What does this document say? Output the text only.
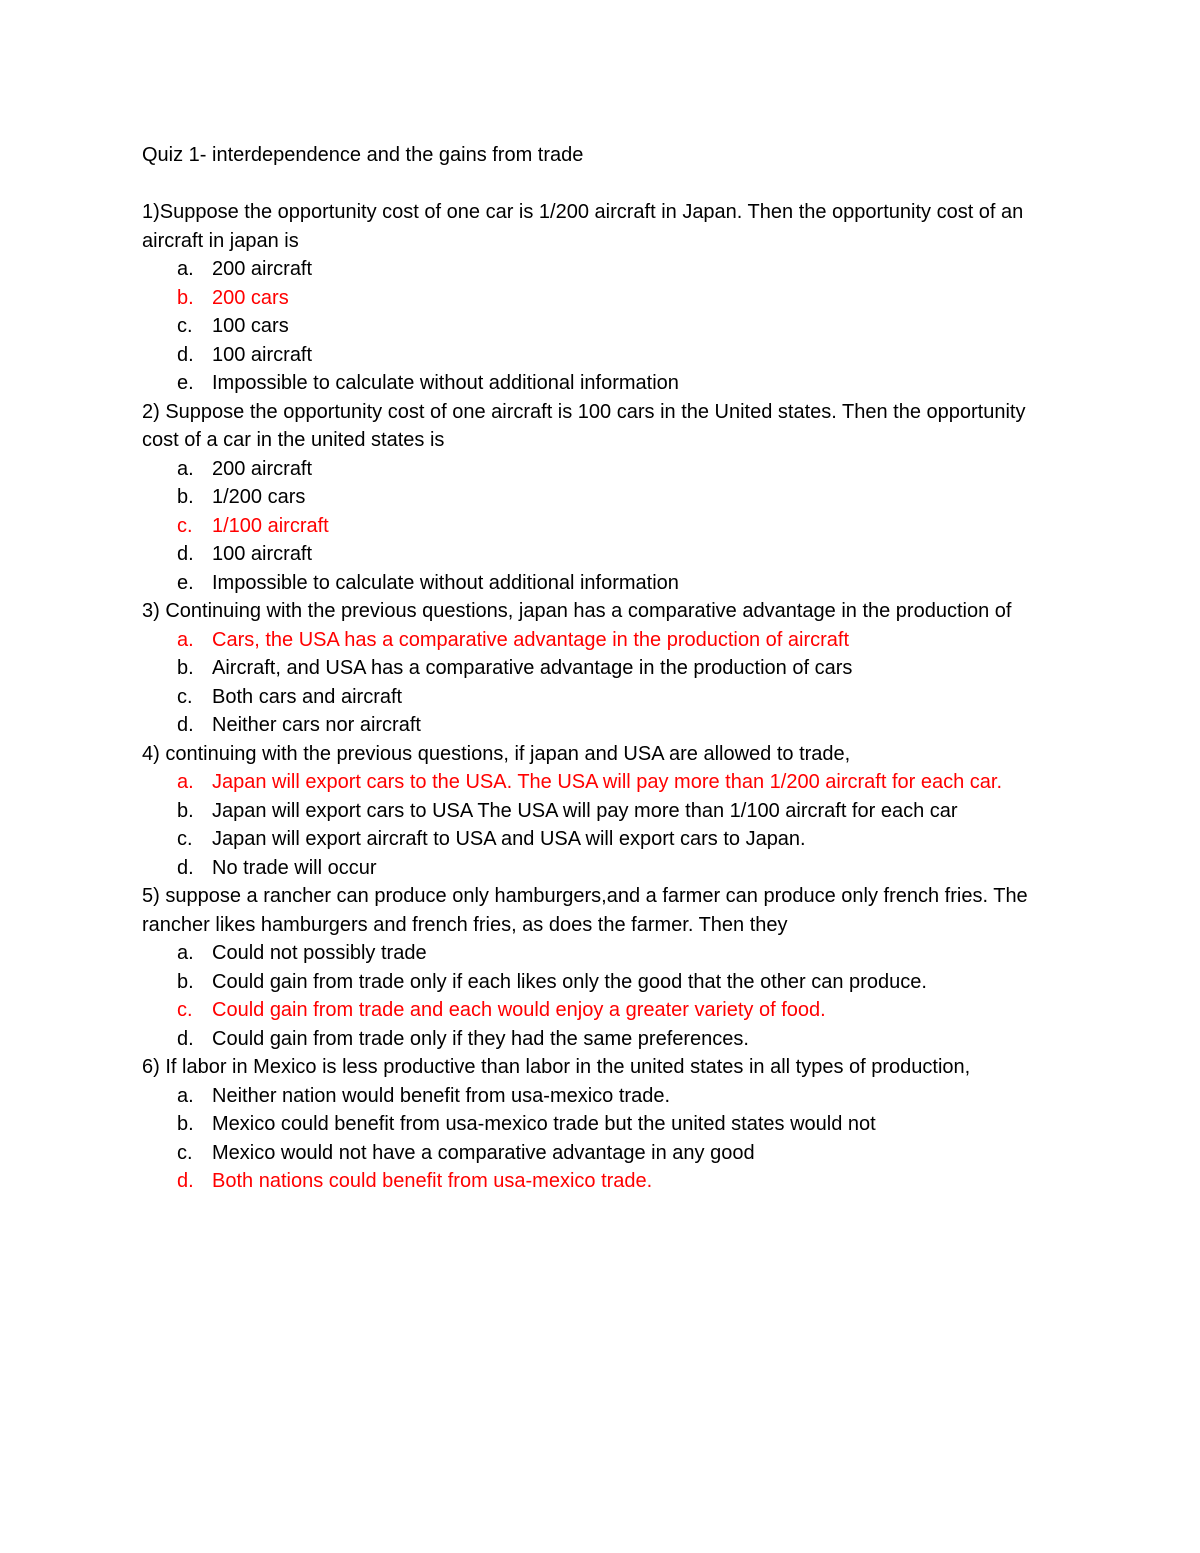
Quiz 1- interdependence and the gains from trade

1)Suppose the opportunity cost of one car is 1/200 aircraft in Japan. Then the opportunity cost of an aircraft in japan is

a. 200 aircraft
b. 200 cars
c. 100 cars
d. 100 aircraft
e. Impossible to calculate without additional information

2) Suppose the opportunity cost of one aircraft is 100 cars in the United states. Then the opportunity cost of a car in the united states is

a. 200 aircraft
b. 1/200 cars
c. 1/100 aircraft
d. 100 aircraft
e. Impossible to calculate without additional information

3) Continuing with the previous questions, japan has a comparative advantage in the production of

a. Cars, the USA has a comparative advantage in the production of aircraft
b. Aircraft, and USA has a comparative advantage in the production of cars
c. Both cars and aircraft
d. Neither cars nor aircraft

4) continuing with the previous questions, if japan and USA are allowed to trade,

a. Japan will export cars to the USA. The USA will pay more than 1/200 aircraft for each car.
b. Japan will export cars to USA The USA will pay more than 1/100 aircraft for each car
c. Japan will export aircraft to USA and USA will export cars to Japan.
d. No trade will occur

5) suppose a rancher can produce only hamburgers,and a farmer can produce only french fries. The rancher likes hamburgers and french fries, as does the farmer. Then they

a. Could not possibly trade
b. Could gain from trade only if each likes only the good that the other can produce.
c. Could gain from trade and each would enjoy a greater variety of food.
d. Could gain from trade only if they had the same preferences.

6) If labor in Mexico is less productive than labor in the united states in all types of production,

a. Neither nation would benefit from usa-mexico trade.
b. Mexico could benefit from usa-mexico trade but the united states would not
c. Mexico would not have a comparative advantage in any good
d. Both nations could benefit from usa-mexico trade.
